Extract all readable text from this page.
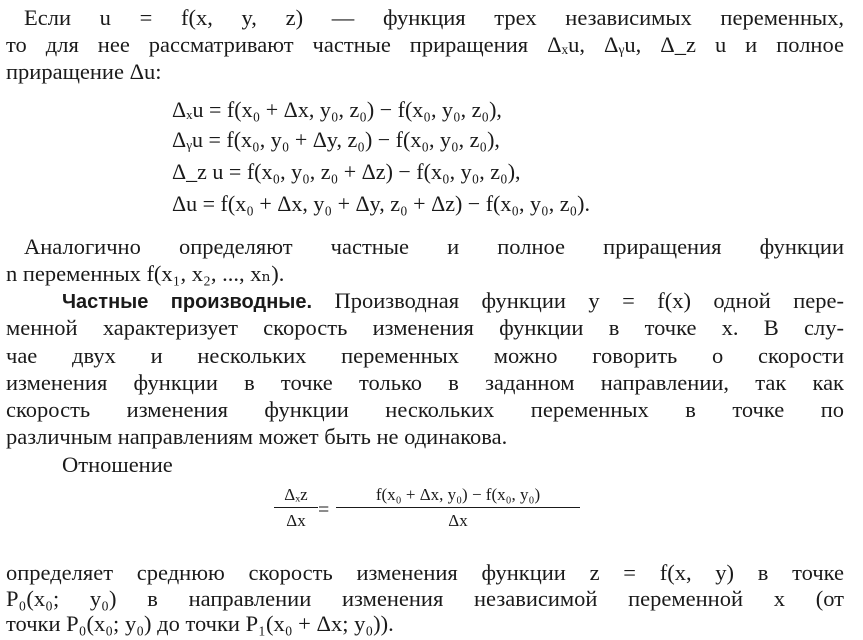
Если u = f(x, y, z) — функция трех независимых переменных,
то для нее рассматривают частные приращения Δₓu, Δᵧu, Δ_z u и полное
приращение Δu:
Δₓu = f(x₀ + Δx, y₀, z₀) − f(x₀, y₀, z₀),
Δᵧu = f(x₀, y₀ + Δy, z₀) − f(x₀, y₀, z₀),
Δ_z u = f(x₀, y₀, z₀ + Δz) − f(x₀, y₀, z₀),
Δu = f(x₀ + Δx, y₀ + Δy, z₀ + Δz) − f(x₀, y₀, z₀).
Аналогично определяют частные и полное приращения функции
n переменных f(x₁, x₂, ..., xₙ).
Частные производные. Производная функции y = f(x) одной пере-
менной характеризует скорость изменения функции в точке x. В слу-
чае двух и нескольких переменных можно говорить о скорости
изменения функции в точке только в заданном направлении, так как
скорость изменения функции нескольких переменных в точке по
различным направлениям может быть не одинакова.
Отношение
Δₓz
Δx =
f(x₀ + Δx, y₀) − f(x₀, y₀)
Δx
определяет среднюю скорость изменения функции z = f(x, y) в точке
P₀(x₀; y₀) в направлении изменения независимой переменной x (от
точки P₀(x₀; y₀) до точки P₁(x₀ + Δx; y₀)).
